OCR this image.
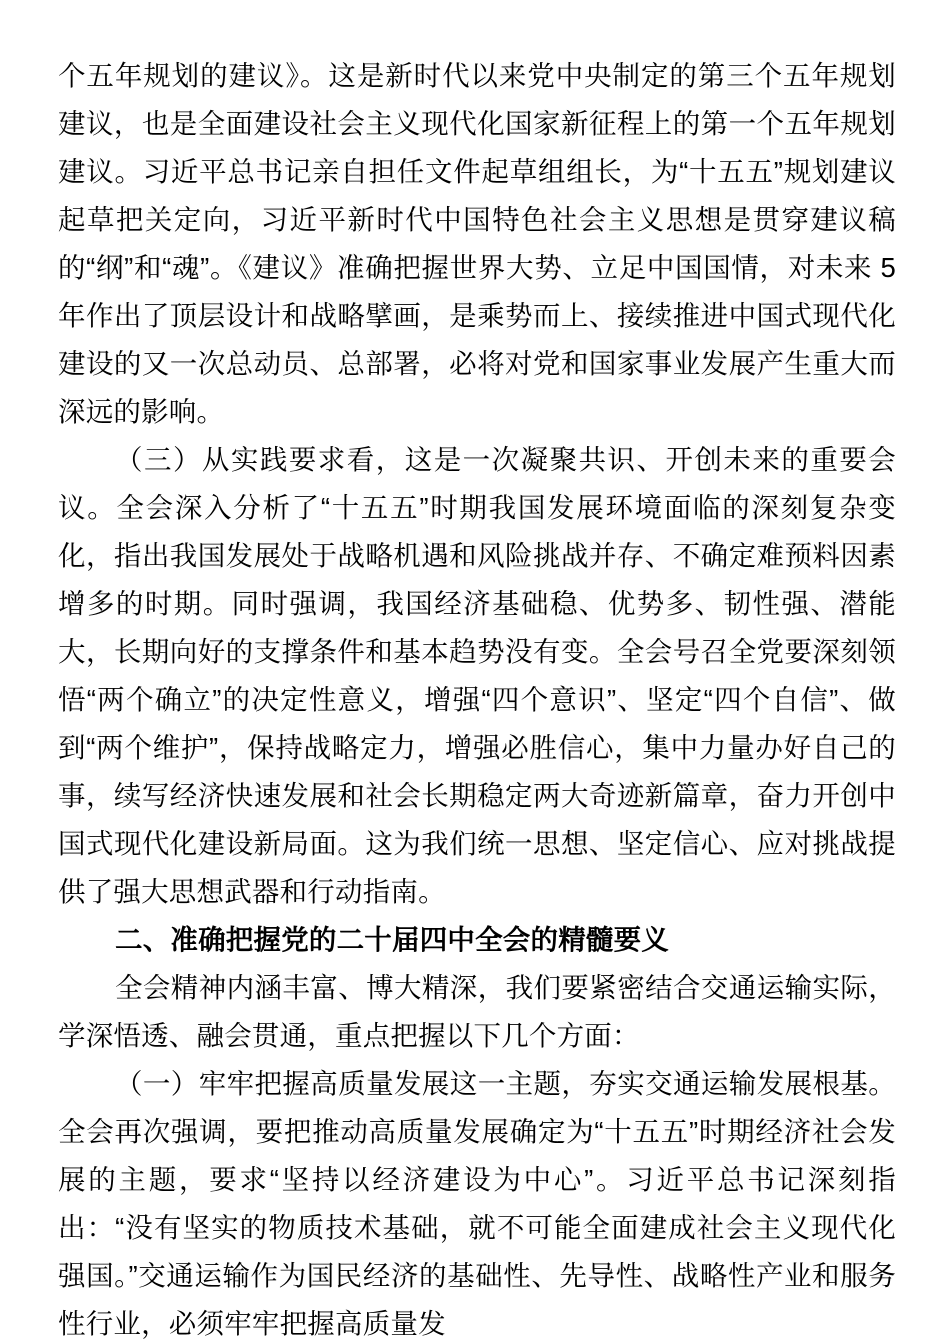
个五年规划的建议》。这是新时代以来党中央制定的第三个五年规划建议，也是全面建设社会主义现代化国家新征程上的第一个五年规划建议。习近平总书记亲自担任文件起草组组长，为“十五五”规划建议起草把关定向，习近平新时代中国特色社会主义思想是贯穿建议稿的“纲”和“魂”。《建议》准确把握世界大势、立足中国国情，对未来 5 年作出了顶层设计和战略擘画，是乘势而上、接续推进中国式现代化建设的又一次总动员、总部署，必将对党和国家事业发展产生重大而深远的影响。

（三）从实践要求看，这是一次凝聚共识、开创未来的重要会议。全会深入分析了“十五五”时期我国发展环境面临的深刻复杂变化，指出我国发展处于战略机遇和风险挑战并存、不确定难预料因素增多的时期。同时强调，我国经济基础稳、优势多、韧性强、潜能大，长期向好的支撑条件和基本趋势没有变。全会号召全党要深刻领悟“两个确立”的决定性意义，增强“四个意识”、坚定“四个自信”、做到“两个维护”，保持战略定力，增强必胜信心，集中力量办好自己的事，续写经济快速发展和社会长期稳定两大奇迹新篇章，奋力开创中国式现代化建设新局面。这为我们统一思想、坚定信心、应对挑战提供了强大思想武器和行动指南。

二、准确把握党的二十届四中全会的精髓要义

全会精神内涵丰富、博大精深，我们要紧密结合交通运输实际，学深悟透、融会贯通，重点把握以下几个方面：

（一）牢牢把握高质量发展这一主题，夯实交通运输发展根基。全会再次强调，要把推动高质量发展确定为“十五五”时期经济社会发展的主题，要求“坚持以经济建设为中心”。习近平总书记深刻指出：“没有坚实的物质技术基础，就不可能全面建成社会主义现代化强国。”交通运输作为国民经济的基础性、先导性、战略性产业和服务性行业，必须牢牢把握高质量发
